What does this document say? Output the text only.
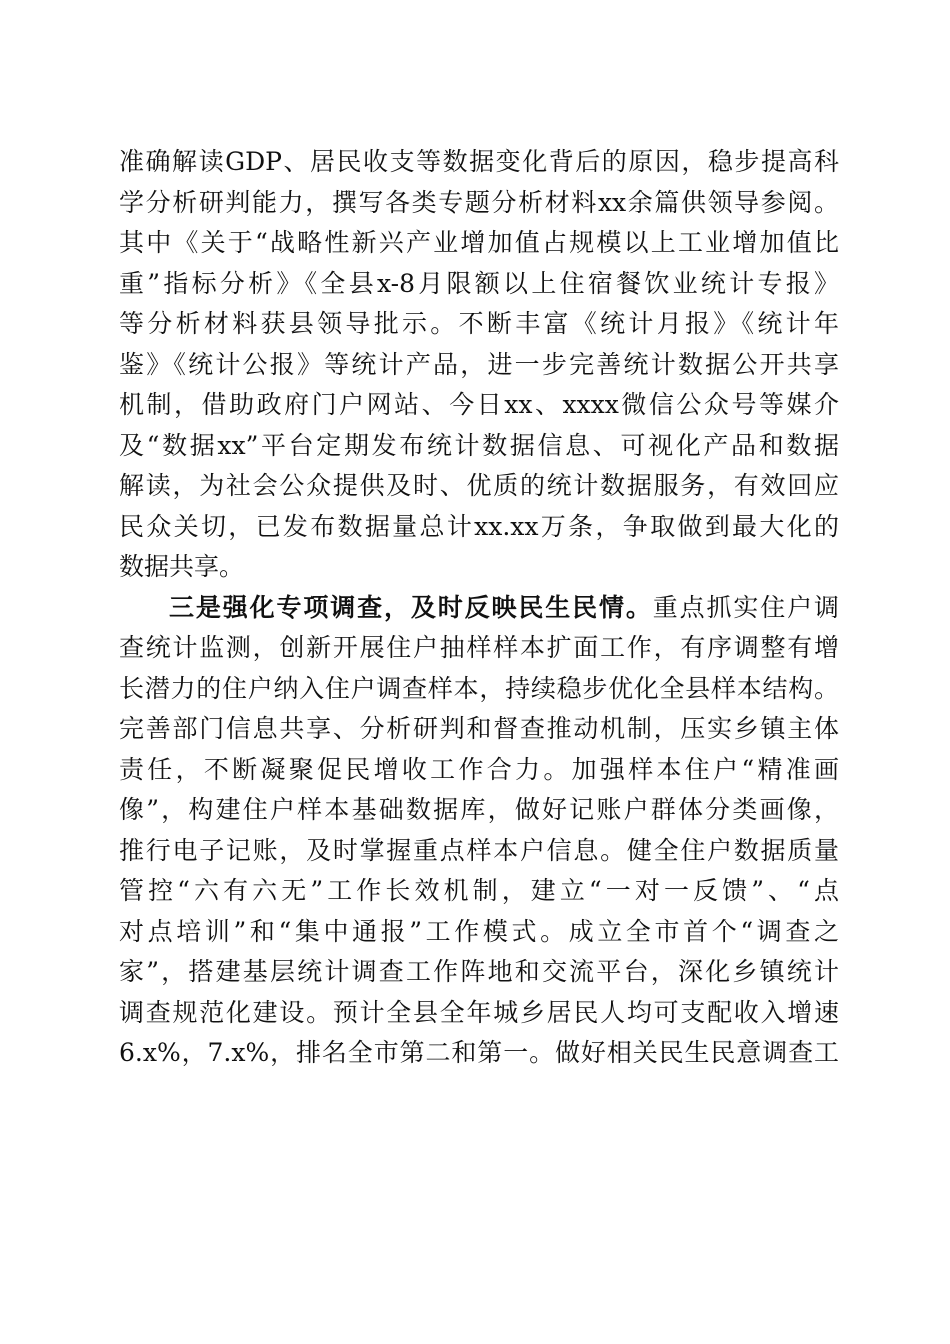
准确解读GDP、居民收支等数据变化背后的原因，稳步提高科
学分析研判能力，撰写各类专题分析材料xx余篇供领导参阅。
其中《关于“战略性新兴产业增加值占规模以上工业增加值比
重”指标分析》《全县x-8月限额以上住宿餐饮业统计专报》
等分析材料获县领导批示。不断丰富《统计月报》《统计年
鉴》《统计公报》等统计产品，进一步完善统计数据公开共享
机制，借助政府门户网站、今日xx、xxxx微信公众号等媒介
及“数据xx”平台定期发布统计数据信息、可视化产品和数据
解读，为社会公众提供及时、优质的统计数据服务，有效回应
民众关切，已发布数据量总计xx.xx万条，争取做到最大化的
数据共享。
三是强化专项调查，及时反映民生民情。重点抓实住户调
查统计监测，创新开展住户抽样样本扩面工作，有序调整有增
长潜力的住户纳入住户调查样本，持续稳步优化全县样本结构。
完善部门信息共享、分析研判和督查推动机制，压实乡镇主体
责任，不断凝聚促民增收工作合力。加强样本住户“精准画
像”，构建住户样本基础数据库，做好记账户群体分类画像，
推行电子记账，及时掌握重点样本户信息。健全住户数据质量
管控“六有六无”工作长效机制，建立“一对一反馈”、“点
对点培训”和“集中通报”工作模式。成立全市首个“调查之
家”，搭建基层统计调查工作阵地和交流平台，深化乡镇统计
调查规范化建设。预计全县全年城乡居民人均可支配收入增速
6.x%，7.x%，排名全市第二和第一。做好相关民生民意调查工
